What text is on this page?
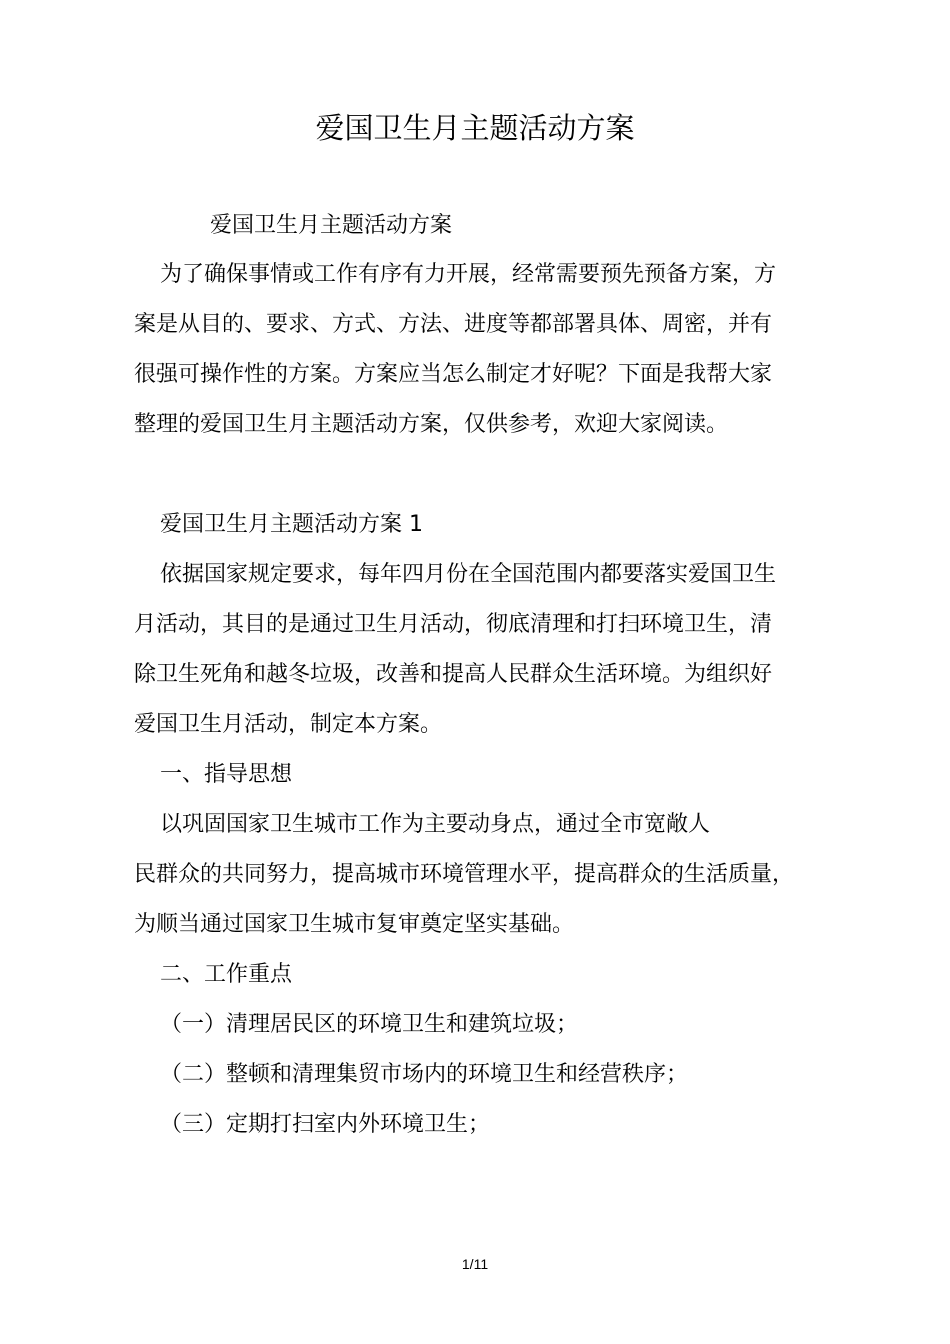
爱国卫生月主题活动方案

爱国卫生月主题活动方案

为了确保事情或工作有序有力开展，经常需要预先预备方案，方

案是从目的、要求、方式、方法、进度等都部署具体、周密，并有

很强可操作性的方案。方案应当怎么制定才好呢？下面是我帮大家

整理的爱国卫生月主题活动方案，仅供参考，欢迎大家阅读。

爱国卫生月主题活动方案 1

依据国家规定要求，每年四月份在全国范围内都要落实爱国卫生

月活动，其目的是通过卫生月活动，彻底清理和打扫环境卫生，清

除卫生死角和越冬垃圾，改善和提高人民群众生活环境。为组织好

爱国卫生月活动，制定本方案。

一、指导思想

以巩固国家卫生城市工作为主要动身点，通过全市宽敞人

民群众的共同努力，提高城市环境管理水平，提高群众的生活质量，

为顺当通过国家卫生城市复审奠定坚实基础。

二、工作重点

（一）清理居民区的环境卫生和建筑垃圾；

（二）整顿和清理集贸市场内的环境卫生和经营秩序；

（三）定期打扫室内外环境卫生；

1/11
